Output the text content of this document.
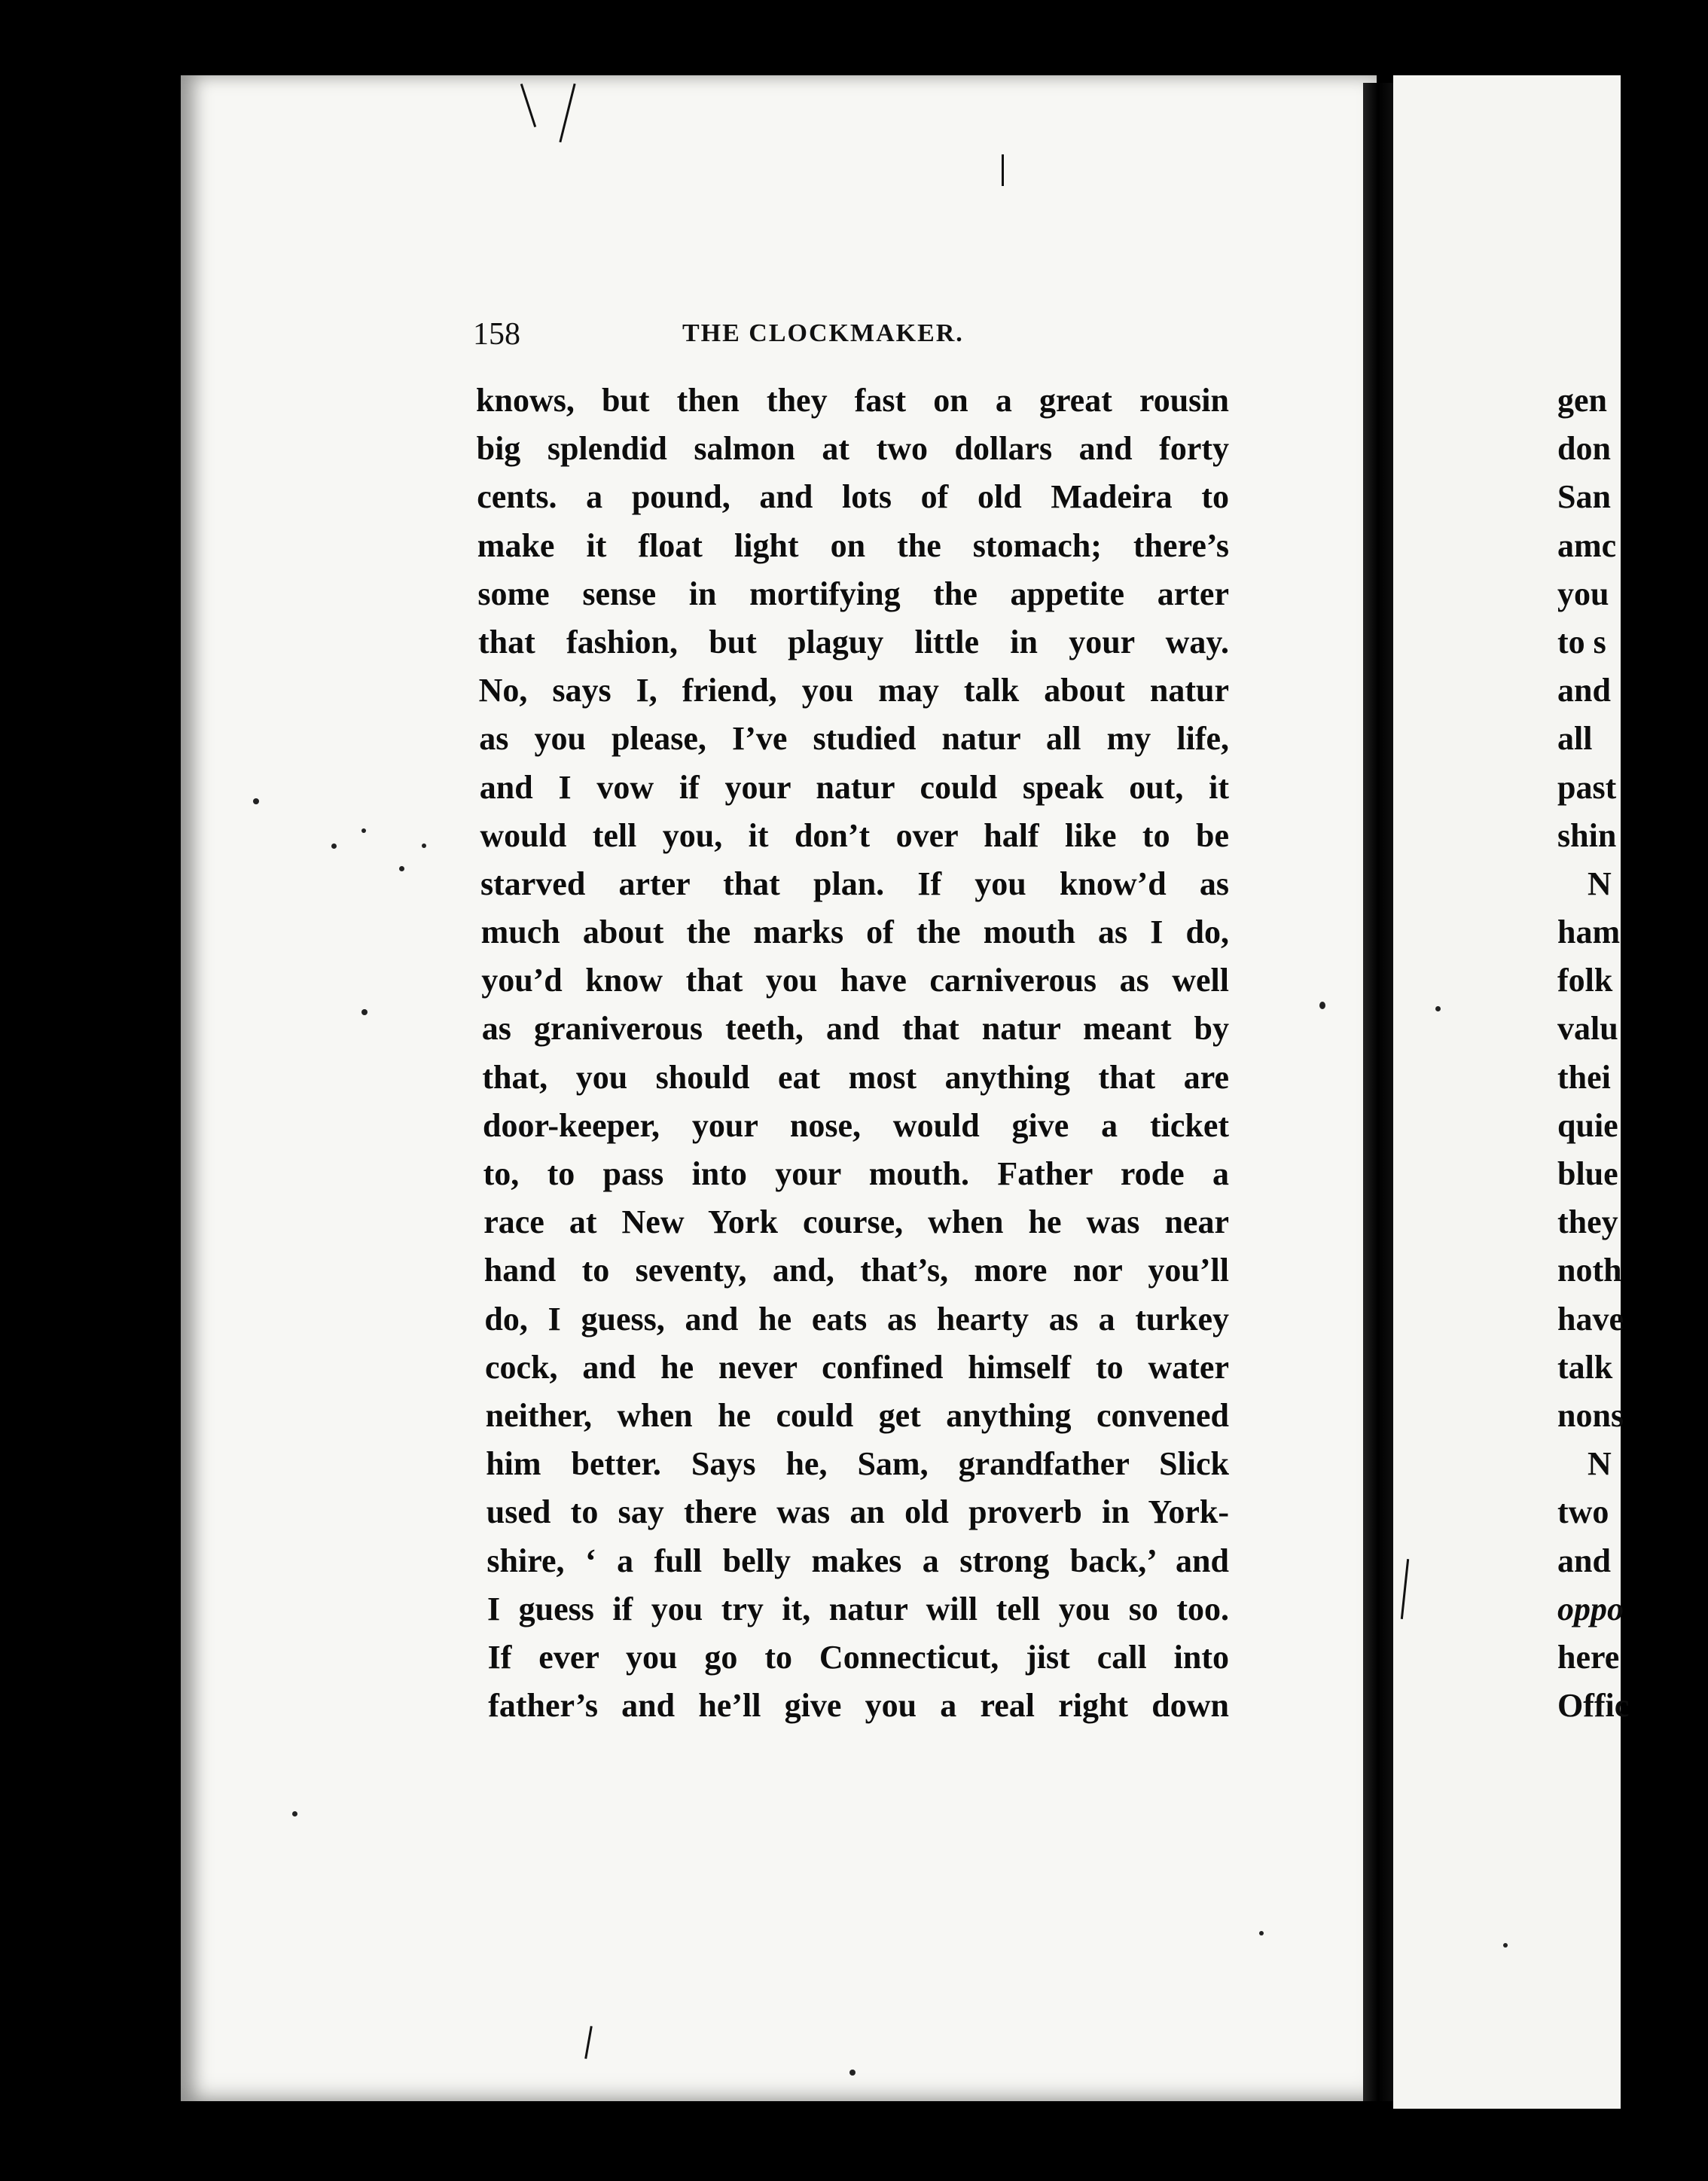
gen
don
San
amc
you
to s
and
all
past
shin
N
ham
folk
valu
thei
quie
blue
they
noth
have
talk
nons
N
two
and
oppo
here
Offic
158	THE CLOCKMAKER.
knows, but then they fast on a great rousin
big splendid salmon at two dollars and forty
cents. a pound, and lots of old Madeira to
make it float light on the stomach; there’s
some sense in mortifying the appetite arter
that fashion, but plaguy little in your way.
No, says I, friend, you may talk about natur
as you please, I’ve studied natur all my life,
and I vow if your natur could speak out, it
would tell you, it don’t over half like to be
starved arter that plan. If you know’d as
much about the marks of the mouth as I do,
you’d know that you have carniverous as well
as graniverous teeth, and that natur meant by
that, you should eat most anything that are
door-keeper, your nose, would give a ticket
to, to pass into your mouth. Father rode a
race at New York course, when he was near
hand to seventy, and, that’s, more nor you’ll
do, I guess, and he eats as hearty as a turkey
cock, and he never confined himself to water
neither, when he could get anything convened
him better. Says he, Sam, grandfather Slick
used to say there was an old proverb in York-
shire, ‘ a full belly makes a strong back,’ and
I guess if you try it, natur will tell you so too.
If ever you go to Connecticut, jist call into
father’s and he’ll give you a real right down
